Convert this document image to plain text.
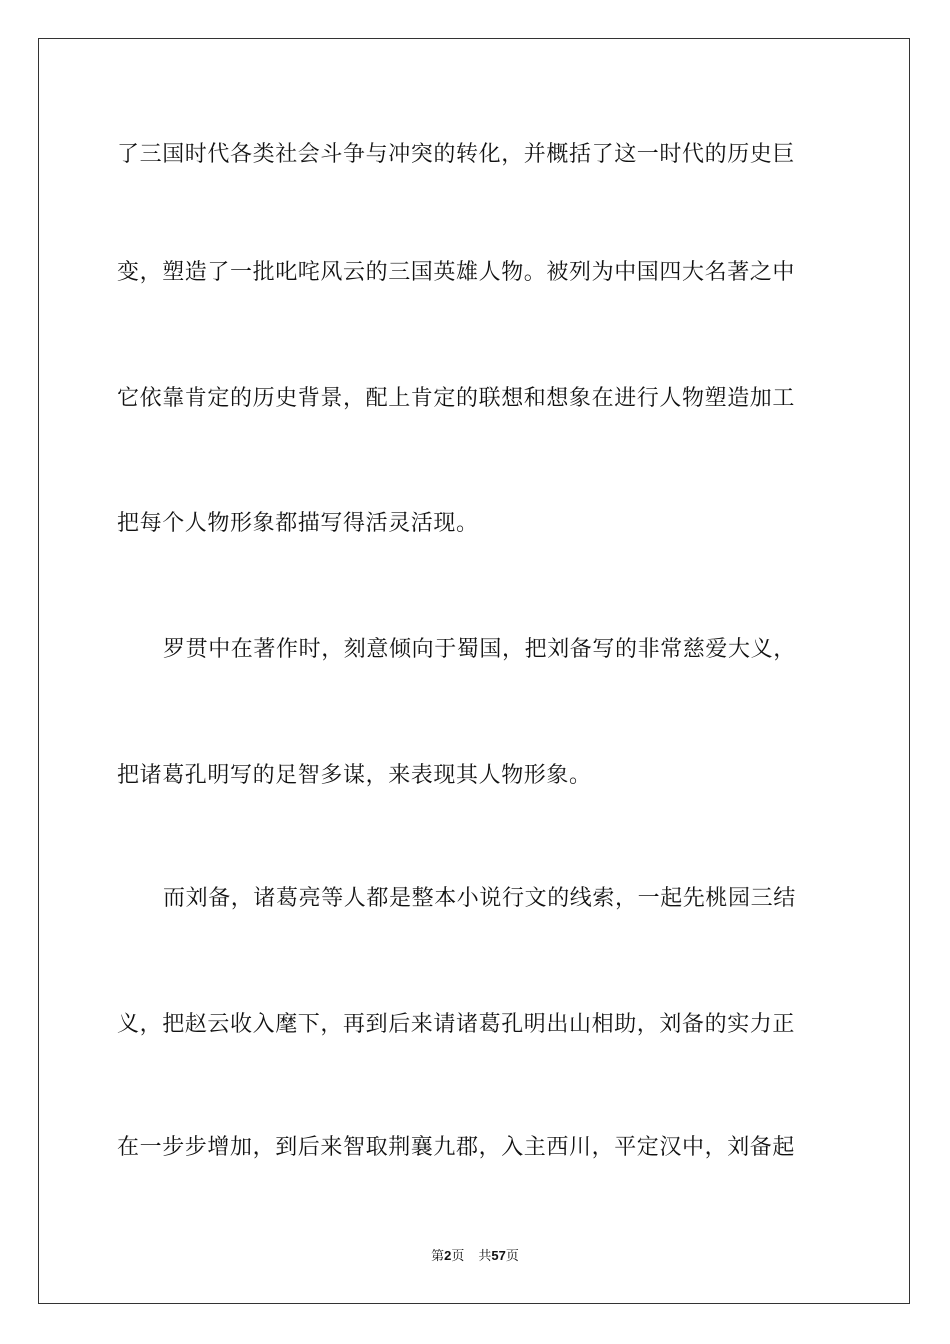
了三国时代各类社会斗争与冲突的转化，并概括了这一时代的历史巨
变，塑造了一批叱咤风云的三国英雄人物。被列为中国四大名著之中
它依靠肯定的历史背景，配上肯定的联想和想象在进行人物塑造加工
把每个人物形象都描写得活灵活现。
罗贯中在著作时，刻意倾向于蜀国，把刘备写的非常慈爱大义，
把诸葛孔明写的足智多谋，来表现其人物形象。
而刘备，诸葛亮等人都是整本小说行文的线索，一起先桃园三结
义，把赵云收入麾下，再到后来请诸葛孔明出山相助，刘备的实力正
在一步步增加，到后来智取荆襄九郡，入主西川，平定汉中，刘备起
第2页 共57页
